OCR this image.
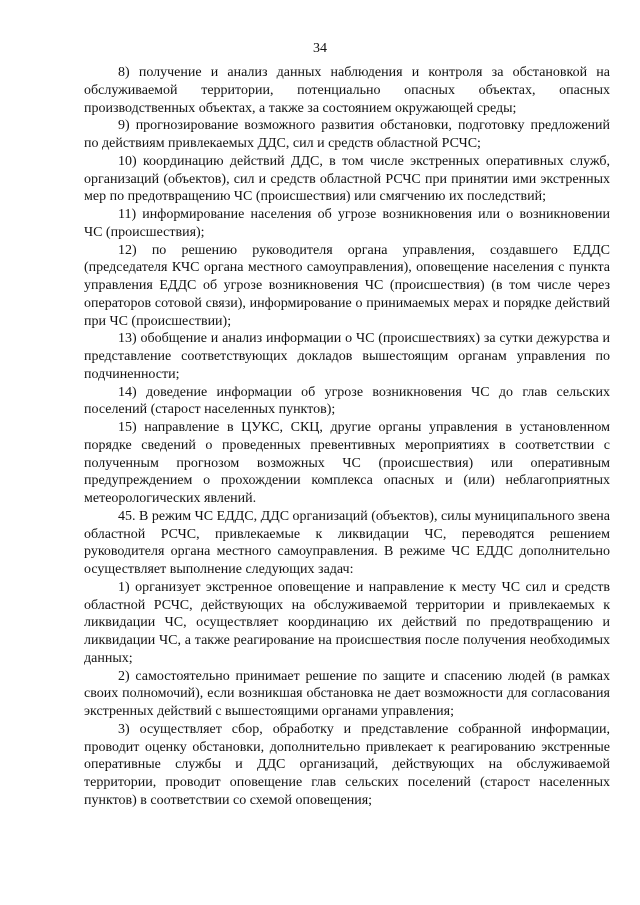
34

8) получение и анализ данных наблюдения и контроля за обстановкой на обслуживаемой территории, потенциально опасных объектах, опасных производственных объектах, а также за состоянием окружающей среды;

9) прогнозирование возможного развития обстановки, подготовку предложений по действиям привлекаемых ДДС, сил и средств областной РСЧС;

10) координацию действий ДДС, в том числе экстренных оперативных служб, организаций (объектов), сил и средств областной РСЧС при принятии ими экстренных мер по предотвращению ЧС (происшествия) или смягчению их последствий;

11) информирование населения об угрозе возникновения или о возникновении ЧС (происшествия);

12) по решению руководителя органа управления, создавшего ЕДДС (председателя КЧС органа местного самоуправления), оповещение населения с пункта управления ЕДДС об угрозе возникновения ЧС (происшествия) (в том числе через операторов сотовой связи), информирование о принимаемых мерах и порядке действий при ЧС (происшествии);

13) обобщение и анализ информации о ЧС (происшествиях) за сутки дежурства и представление соответствующих докладов вышестоящим органам управления по подчиненности;

14) доведение информации об угрозе возникновения ЧС до глав сельских поселений (старост населенных пунктов);

15) направление в ЦУКС, СКЦ, другие органы управления в установленном порядке сведений о проведенных превентивных мероприятиях в соответствии с полученным прогнозом возможных ЧС (происшествия) или оперативным предупреждением о прохождении комплекса опасных и (или) неблагоприятных метеорологических явлений.

45. В режим ЧС ЕДДС, ДДС организаций (объектов), силы муниципального звена областной РСЧС, привлекаемые к ликвидации ЧС, переводятся решением руководителя органа местного самоуправления. В режиме ЧС ЕДДС дополнительно осуществляет выполнение следующих задач:

1) организует экстренное оповещение и направление к месту ЧС сил и средств областной РСЧС, действующих на обслуживаемой территории и привлекаемых к ликвидации ЧС, осуществляет координацию их действий по предотвращению и ликвидации ЧС, а также реагирование на происшествия после получения необходимых данных;

2) самостоятельно принимает решение по защите и спасению людей (в рамках своих полномочий), если возникшая обстановка не дает возможности для согласования экстренных действий с вышестоящими органами управления;

3) осуществляет сбор, обработку и представление собранной информации, проводит оценку обстановки, дополнительно привлекает к реагированию экстренные оперативные службы и ДДС организаций, действующих на обслуживаемой территории, проводит оповещение глав сельских поселений (старост населенных пунктов) в соответствии со схемой оповещения;
